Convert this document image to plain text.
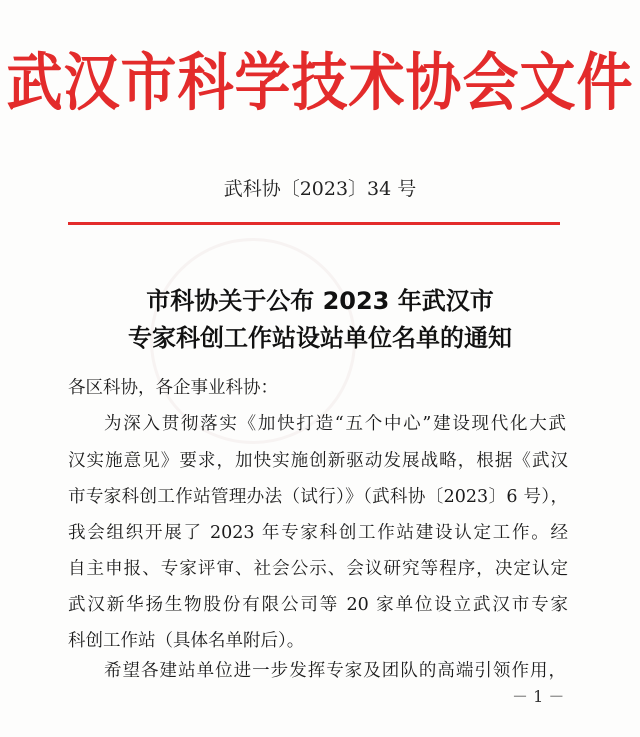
武汉市科学技术协会文件
武科协〔2023〕34 号
市科协关于公布 2023 年武汉市
专家科创工作站设站单位名单的通知
各区科协，各企事业科协：
为深入贯彻落实《加快打造“五个中心”建设现代化大武
汉实施意见》要求，加快实施创新驱动发展战略，根据《武汉
市专家科创工作站管理办法（试行）》（武科协〔2023〕6 号），
我会组织开展了 2023 年专家科创工作站建设认定工作。经
自主申报、专家评审、社会公示、会议研究等程序，决定认定
武汉新华扬生物股份有限公司等 20 家单位设立武汉市专家
科创工作站（具体名单附后）。
希望各建站单位进一步发挥专家及团队的高端引领作用，
－ 1 －
